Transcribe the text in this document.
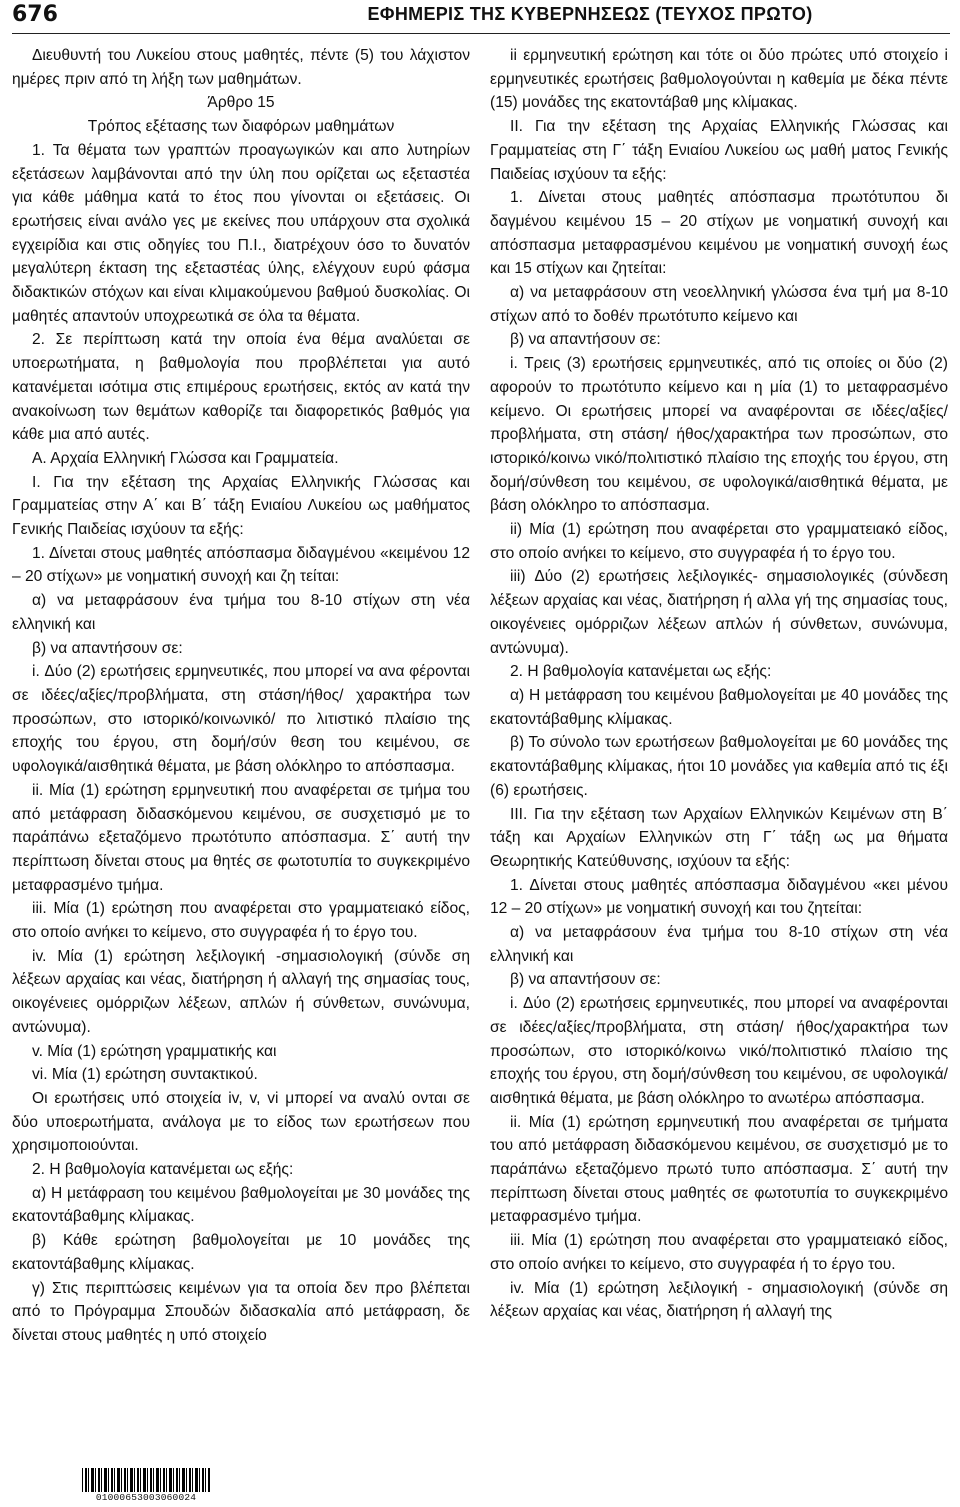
676	ΕΦΗΜΕΡΙΣ ΤΗΣ ΚΥΒΕΡΝΗΣΕΩΣ (ΤΕΥΧΟΣ ΠΡΩΤΟ)

Διευθυντή του Λυκείου στους μαθητές, πέντε (5) του λάχιστον ημέρες πριν από τη λήξη των μαθημάτων.

Άρθρο 15

Τρόπος εξέτασης των διαφόρων μαθημάτων

1. Τα θέματα των γραπτών προαγωγικών και απο λυτηρίων εξετάσεων λαμβάνονται από την ύλη που ορίζεται ως εξεταστέα για κάθε μάθημα κατά το έτος που γίνονται οι εξετάσεις. Οι ερωτήσεις είναι ανάλο γες με εκείνες που υπάρχουν στα σχολικά εγχειρίδια και στις οδηγίες του Π.Ι., διατρέχουν όσο το δυνατόν μεγαλύτερη έκταση της εξεταστέας ύλης, ελέγχουν ευρύ φάσμα διδακτικών στόχων και είναι κλιμακούμενου βαθμού δυσκολίας. Οι μαθητές απαντούν υποχρεωτικά σε όλα τα θέματα.

2. Σε περίπτωση κατά την οποία ένα θέμα αναλύεται σε υποερωτήματα, η βαθμολογία που προβλέπεται για αυτό κατανέμεται ισότιμα στις επιμέρους ερωτήσεις, εκτός αν κατά την ανακοίνωση των θεμάτων καθορίζε ται διαφορετικός βαθμός για κάθε μια από αυτές.

Α. Αρχαία Ελληνική Γλώσσα και Γραμματεία.

Ι. Για την εξέταση της Αρχαίας Ελληνικής Γλώσσας και Γραμματείας στην Α΄ και Β΄ τάξη Ενιαίου Λυκείου ως μαθήματος Γενικής Παιδείας ισχύουν τα εξής:

1. Δίνεται στους μαθητές απόσπασμα διδαγμένου «κειμένου 12 – 20 στίχων» με νοηματική συνοχή και ζη τείται:

α) να μεταφράσουν ένα τμήμα του 8-10 στίχων στη νέα ελληνική και

β) να απαντήσουν σε:

i. Δύο (2) ερωτήσεις ερμηνευτικές, που μπορεί να ανα φέρονται σε ιδέες/αξίες/προβλήματα, στη στάση/ήθος/ χαρακτήρα των προσώπων, στο ιστορικό/κοινωνικό/ πο λιτιστικό πλαίσιο της εποχής του έργου, στη δομή/σύν θεση του κειμένου, σε υφολογικά/αισθητικά θέματα, με βάση ολόκληρο το απόσπασμα.

ii. Μία (1) ερώτηση ερμηνευτική που αναφέρεται σε τμήμα του από μετάφραση διδασκόμενου κειμένου, σε συσχετισμό με το παράπάνω εξεταζόμενο πρωτότυπο απόσπασμα. Σ΄ αυτή την περίπτωση δίνεται στους μα θητές σε φωτοτυπία το συγκεκριμένο μεταφρασμένο τμήμα.

iii. Μία (1) ερώτηση που αναφέρεται στο γραμματειακό είδος, στο οποίο ανήκει το κείμενο, στο συγγραφέα ή το έργο του.

iv. Μία (1) ερώτηση λεξιλογική -σημασιολογική (σύνδε ση λέξεων αρχαίας και νέας, διατήρηση ή αλλαγή της σημασίας τους, οικογένειες ομόρριζων λέξεων, απλών ή σύνθετων, συνώνυμα, αντώνυμα).

v. Μία (1) ερώτηση γραμματικής και

vi. Μία (1) ερώτηση συντακτικού.

Οι ερωτήσεις υπό στοιχεία iv, v, vi μπορεί να αναλύ ονται σε δύο υποερωτήματα, ανάλογα με το είδος των ερωτήσεων που χρησιμοποιούνται.

2. Η βαθμολογία κατανέμεται ως εξής:

α) Η μετάφραση του κειμένου βαθμολογείται με 30 μονάδες της εκατοντάβαθμης κλίμακας.

β) Κάθε ερώτηση βαθμολογείται με 10 μονάδες της εκατοντάβαθμης κλίμακας.

γ) Στις περιπτώσεις κειμένων για τα οποία δεν προ βλέπεται από το Πρόγραμμα Σπουδών διδασκαλία από μετάφραση, δε δίνεται στους μαθητές η υπό στοιχείο

ii ερμηνευτική ερώτηση και τότε οι δύο πρώτες υπό στοιχείο i ερμηνευτικές ερωτήσεις βαθμολογούνται η καθεμία με δέκα πέντε (15) μονάδες της εκατοντάβαθ μης κλίμακας.

ΙΙ. Για την εξέταση της Αρχαίας Ελληνικής Γλώσσας και Γραμματείας στη Γ΄ τάξη Ενιαίου Λυκείου ως μαθή ματος Γενικής Παιδείας ισχύουν τα εξής:

1. Δίνεται στους μαθητές απόσπασμα πρωτότυπου δι δαγμένου κειμένου 15 – 20 στίχων με νοηματική συνοχή και απόσπασμα μεταφρασμένου κειμένου με νοηματική συνοχή έως και 15 στίχων και ζητείται:

α) να μεταφράσουν στη νεοελληνική γλώσσα ένα τμή μα 8-10 στίχων από το δοθέν πρωτότυπο κείμενο και

β) να απαντήσουν σε:

i. Τρεις (3) ερωτήσεις ερμηνευτικές, από τις οποίες οι δύο (2) αφορούν το πρωτότυπο κείμενο και η μία (1) το μεταφρασμένο κείμενο. Οι ερωτήσεις μπορεί να αναφέρονται σε ιδέες/αξίες/προβλήματα, στη στάση/ ήθος/χαρακτήρα των προσώπων, στο ιστορικό/κοινω νικό/πολιτιστικό πλαίσιο της εποχής του έργου, στη δομή/σύνθεση του κειμένου, σε υφολογικά/αισθητικά θέματα, με βάση ολόκληρο το απόσπασμα.

ii) Μία (1) ερώτηση που αναφέρεται στο γραμματειακό είδος, στο οποίο ανήκει το κείμενο, στο συγγραφέα ή το έργο του.

iii) Δύο (2) ερωτήσεις λεξιλογικές- σημασιολογικές (σύνδεση λέξεων αρχαίας και νέας, διατήρηση ή αλλα γή της σημασίας τους, οικογένειες ομόρριζων λέξεων απλών ή σύνθετων, συνώνυμα, αντώνυμα).

2. Η βαθμολογία κατανέμεται ως εξής:

α) Η μετάφραση του κειμένου βαθμολογείται με 40 μονάδες της εκατοντάβαθμης κλίμακας.

β) Το σύνολο των ερωτήσεων βαθμολογείται με 60 μονάδες της εκατοντάβαθμης κλίμακας, ήτοι 10 μονάδες για καθεμία από τις έξι (6) ερωτήσεις.

ΙΙΙ. Για την εξέταση των Αρχαίων Ελληνικών Κειμένων στη Β΄ τάξη και Αρχαίων Ελληνικών στη Γ΄ τάξη ως μα θήματα Θεωρητικής Κατεύθυνσης, ισχύουν τα εξής:

1. Δίνεται στους μαθητές απόσπασμα διδαγμένου «κει μένου 12 – 20 στίχων» με νοηματική συνοχή και του ζητείται:

α) να μεταφράσουν ένα τμήμα του 8-10 στίχων στη νέα ελληνική και

β) να απαντήσουν σε:

i. Δύο (2) ερωτήσεις ερμηνευτικές, που μπορεί να αναφέρονται σε ιδέες/αξίες/προβλήματα, στη στάση/ ήθος/χαρακτήρα των προσώπων, στο ιστορικό/κοινω νικό/πολιτιστικό πλαίσιο της εποχής του έργου, στη δομή/σύνθεση του κειμένου, σε υφολογικά/αισθητικά θέματα, με βάση ολόκληρο το ανωτέρω απόσπασμα.

ii. Μία (1) ερώτηση ερμηνευτική που αναφέρεται σε τμήματα του από μετάφραση διδασκόμενου κειμένου, σε συσχετισμό με το παράπάνω εξεταζόμενο πρωτό τυπο απόσπασμα. Σ΄ αυτή την περίπτωση δίνεται στους μαθητές σε φωτοτυπία το συγκεκριμένο μεταφρασμένο τμήμα.

iii. Μία (1) ερώτηση που αναφέρεται στο γραμματειακό είδος, στο οποίο ανήκει το κείμενο, στο συγγραφέα ή το έργο του.

iv. Μία (1) ερώτηση λεξιλογική - σημασιολογική (σύνδε ση λέξεων αρχαίας και νέας, διατήρηση ή αλλαγή της

01000653003060024
